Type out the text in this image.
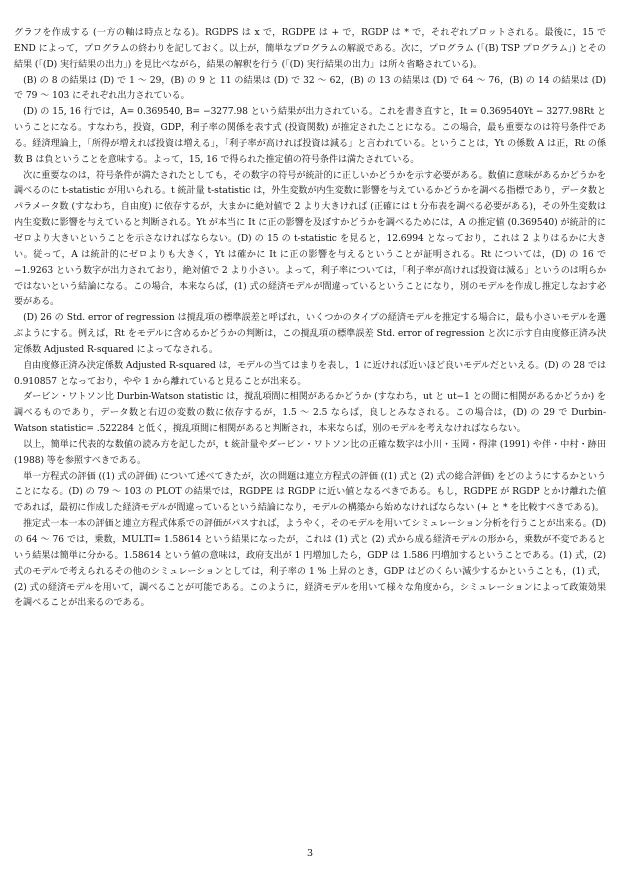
グラフを作成する (一方の軸は時点となる)。RGDPS は x で，RGDPE は + で，RGDP は * で，それぞれプロットされる。最後に，15 で END によって，プログラムの終わりを記しておく。以上が，簡単なプログラムの解説である。次に，プログラム (「(B) TSP プログラム」) とその結果 (「(D) 実行結果の出力」) を見比べながら，結果の解釈を行う (「(D) 実行結果の出力」は所々省略されている)。

(B) の 8 の結果は (D) で 1 〜 29，(B) の 9 と 11 の結果は (D) で 32 〜 62，(B) の 13 の結果は (D) で 64 〜 76，(B) の 14 の結果は (D) で 79 〜 103 にそれぞれ出力されている。

(D) の 15, 16 行では，A= 0.369540, B= −3277.98 という結果が出力されている。これを書き直すと，It = 0.369540Yt − 3277.98Rt ということになる。すなわち，投資，GDP，利子率の関係を表す式 (投資関数) が推定されたことになる。この場合，最も重要なのは符号条件である。経済理論上，「所得が増えれば投資は増える」，「利子率が高ければ投資は減る」と言われている。ということは，Yt の係数 A は正，Rt の係数 B は負ということを意味する。よって，15, 16 で得られた推定値の符号条件は満たされている。

次に重要なのは，符号条件が満たされたとしても，その数字の符号が統計的に正しいかどうかを示す必要がある。数値に意味があるかどうかを調べるのに t-statistic が用いられる。t 統計量 t-statistic は，外生変数が内生変数に影響を与えているかどうかを調べる指標であり，データ数とパラメータ数 (すなわち，自由度) に依存するが，大まかに絶対値で 2 より大きければ (正確には t 分布表を調べる必要がある)，その外生変数は内生変数に影響を与えていると判断される。Yt が本当に It に正の影響を及ぼすかどうかを調べるためには，A の推定値 (0.369540) が統計的にゼロより大きいということを示さなければならない。(D) の 15 の t-statistic を見ると，12.6994 となっており，これは 2 よりはるかに大きい。従って，A は統計的にゼロよりも大きく，Yt は確かに It に正の影響を与えるということが証明される。Rt については，(D) の 16 で −1.9263 という数字が出力されており，絶対値で 2 より小さい。よって，利子率については，「利子率が高ければ投資は減る」というのは明らかではないという結論になる。この場合，本来ならば，(1) 式の経済モデルが間違っているということになり，別のモデルを作成し推定しなおす必要がある。

(D) 26 の Std. error of regression は撹乱項の標準誤差と呼ばれ，いくつかのタイプの経済モデルを推定する場合に，最も小さいモデルを選ぶようにする。例えば，Rt をモデルに含めるかどうかの判断は，この撹乱項の標準誤差 Std. error of regression と次に示す自由度修正済み決定係数 Adjusted R-squared によってなされる。

自由度修正済み決定係数 Adjusted R-squared は，モデルの当てはまりを表し，1 に近ければ近いほど良いモデルだといえる。(D) の 28 では 0.910857 となっており，やや 1 から離れていると見ることが出来る。

ダービン・ワトソン比 Durbin-Watson statistic は，撹乱項間に相関があるかどうか (すなわち，ut と ut−1 との間に相関があるかどうか) を調べるものであり，データ数と右辺の変数の数に依存するが，1.5 〜 2.5 ならば，良しとみなされる。この場合は，(D) の 29 で Durbin-Watson statistic= .522284 と低く，撹乱項間に相関があると判断され，本来ならば，別のモデルを考えなければならない。

以上，簡単に代表的な数値の読み方を記したが，t 統計量やダービン・ワトソン比の正確な数字は小川・玉岡・得津 (1991) や伴・中村・跡田 (1988) 等を参照すべきである。

単一方程式の評価 ((1) 式の評価) について述べてきたが，次の問題は連立方程式の評価 ((1) 式と (2) 式の総合評価) をどのようにするかということになる。(D) の 79 〜 103 の PLOT の結果では，RGDPE は RGDP に近い値となるべきである。もし，RGDPE が RGDP とかけ離れた値であれば，最初に作成した経済モデルが間違っているという結論になり，モデルの構築から始めなければならない (+ と * を比較すべきである)。

推定式一本一本の評価と連立方程式体系での評価がパスすれば，ようやく，そのモデルを用いてシミュレーション分析を行うことが出来る。(D) の 64 〜 76 では，乗数，MULTI= 1.58614 という結果になったが，これは (1) 式と (2) 式から成る経済モデルの形から，乗数が不変であるという結果は簡単に分かる。1.58614 という値の意味は，政府支出が 1 円増加したら，GDP は 1.586 円増加するということである。(1) 式，(2) 式のモデルで考えられるその他のシミュレーションとしては，利子率の 1 % 上昇のとき，GDP はどのくらい減少するかということも，(1) 式，(2) 式の経済モデルを用いて，調べることが可能である。このように，経済モデルを用いて様々な角度から，シミュレーションによって政策効果を調べることが出来るのである。

3
